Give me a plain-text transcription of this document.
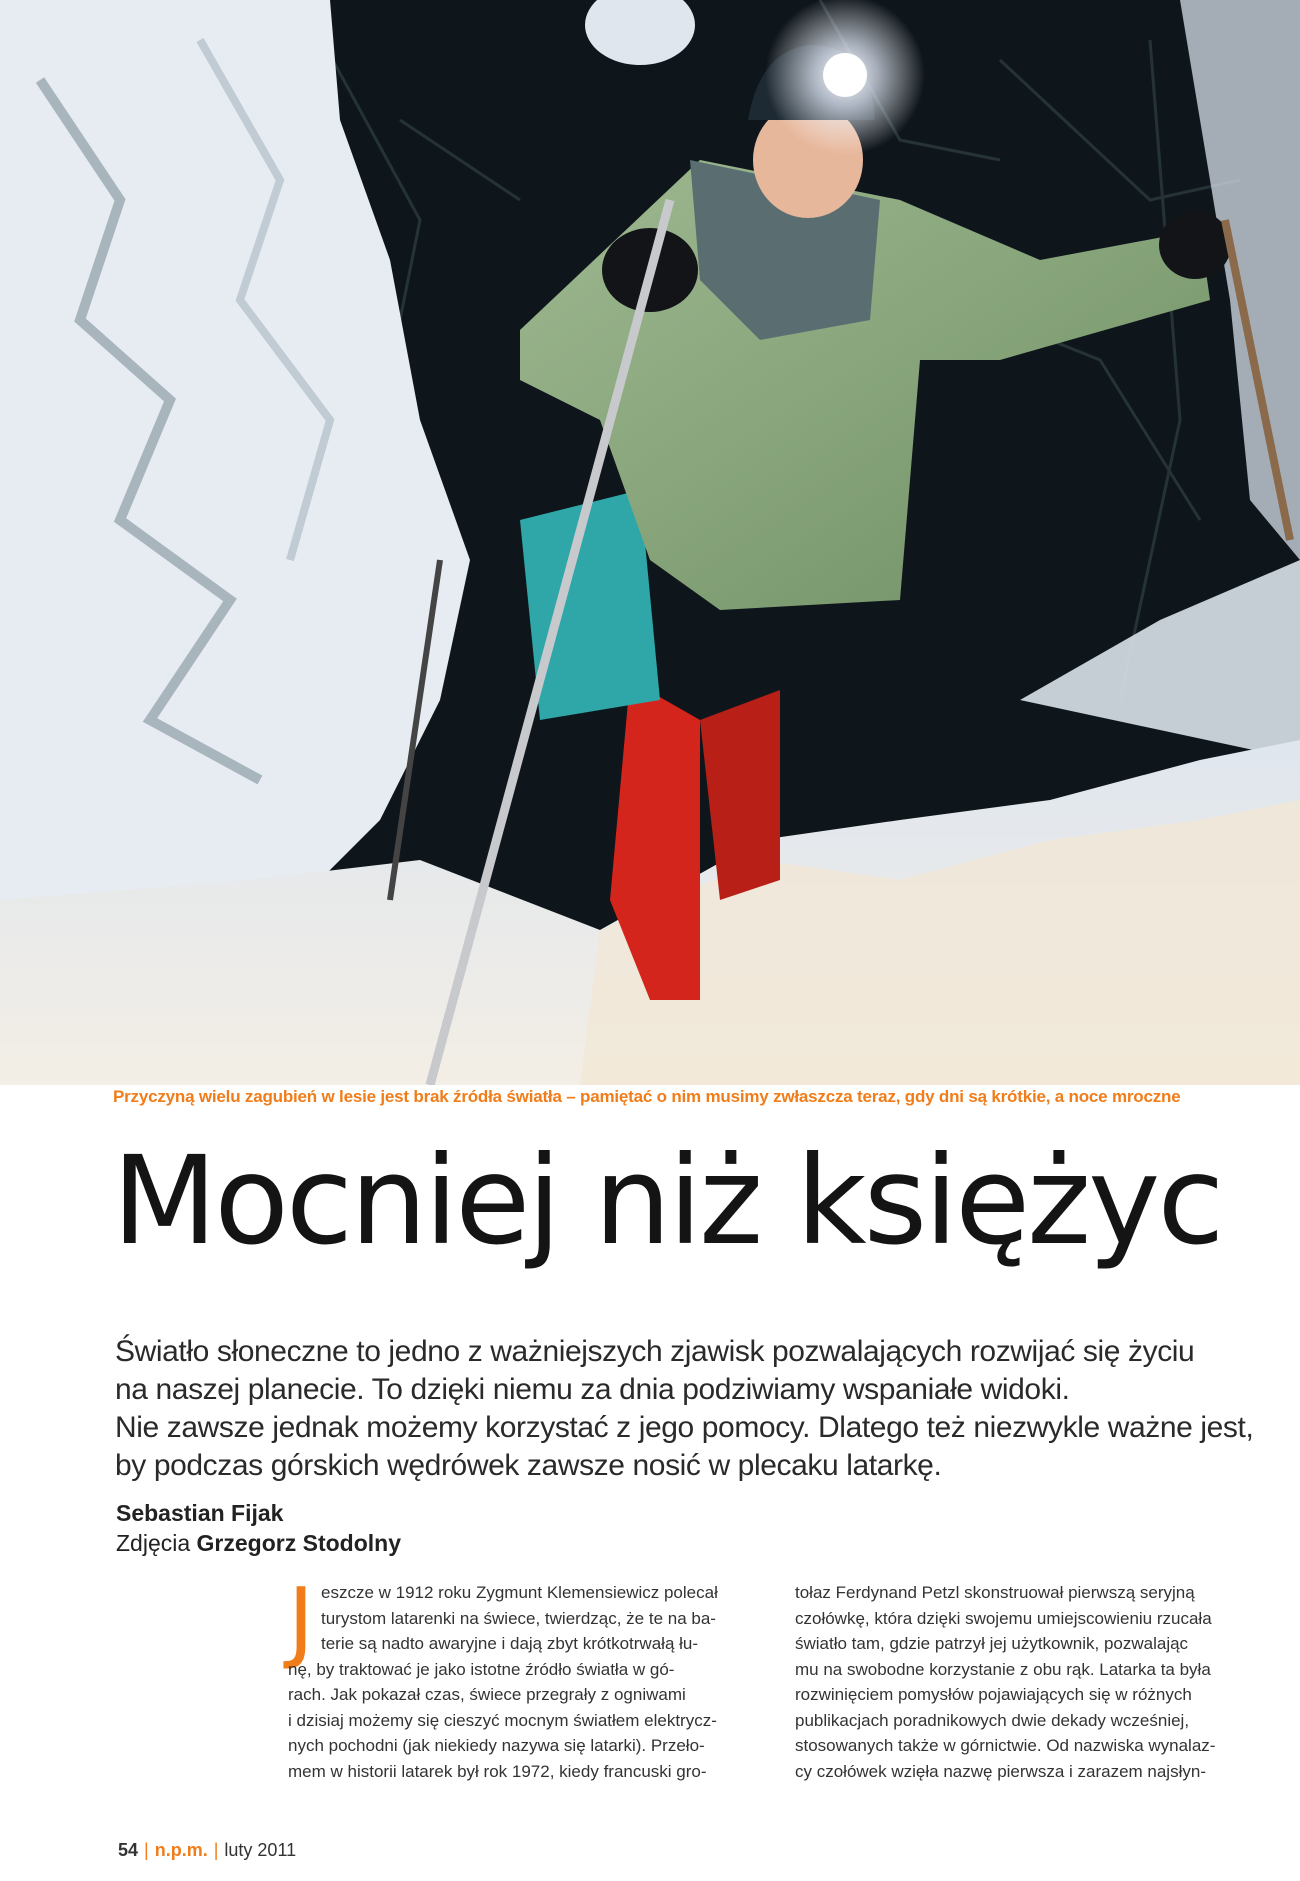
Przyczyną wielu zagubień w lesie jest brak źródła światła – pamiętać o nim musimy zwłaszcza teraz, gdy dni są krótkie, a noce mroczne
Mocniej niż księżyc

Światło słoneczne to jedno z ważniejszych zjawisk pozwalających rozwijać się życiu

na naszej planecie. To dzięki niemu za dnia podziwiamy wspaniałe widoki.

Nie zawsze jednak możemy korzystać z jego pomocy. Dlatego też niezwykle ważne jest,

by podczas górskich wędrówek zawsze nosić w plecaku latarkę.

Sebastian Fijak
Zdjęcia Grzegorz Stodolny
J eszcze w 1912 roku Zygmunt Klemensiewicz polecał

turystom latarenki na świece, twierdząc, że te na ba-

terie są nadto awaryjne i dają zbyt krótkotrwałą łu-

nę, by traktować je jako istotne źródło światła w gó-

rach. Jak pokazał czas, świece przegrały z ogniwami

i dzisiaj możemy się cieszyć mocnym światłem elektrycz-

nych pochodni (jak niekiedy nazywa się latarki). Przeło-

mem w historii latarek był rok 1972, kiedy francuski gro-

tołaz Ferdynand Petzl skonstruował pierwszą seryjną

czołówkę, która dzięki swojemu umiejscowieniu rzucała

światło tam, gdzie patrzył jej użytkownik, pozwalając

mu na swobodne korzystanie z obu rąk. Latarka ta była

rozwinięciem pomysłów pojawiających się w różnych

publikacjach poradnikowych dwie dekady wcześniej,

stosowanych także w górnictwie. Od nazwiska wynalaz-

cy czołówek wzięła nazwę pierwsza i zarazem najsłyn-

54 | n.p.m. | luty 2011
